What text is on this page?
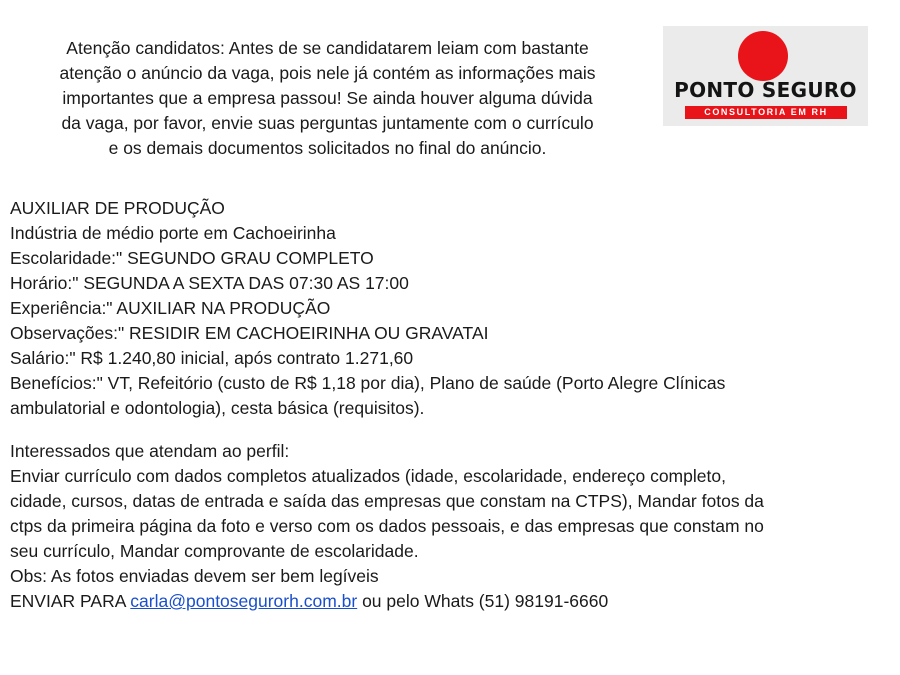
Atenção candidatos: Antes de se candidatarem leiam com bastante
atenção o anúncio da vaga, pois nele já contém as informações mais
importantes que a empresa passou! Se ainda houver alguma dúvida
da vaga, por favor, envie suas perguntas juntamente com o currículo
e os demais documentos solicitados no final do anúncio.
PONTO SEGURO
CONSULTORIA EM RH
AUXILIAR DE PRODUÇÃO
Indústria de médio porte em Cachoeirinha
Escolaridade:" SEGUNDO GRAU COMPLETO
Horário:" SEGUNDA A SEXTA DAS 07:30 AS 17:00
Experiência:" AUXILIAR NA PRODUÇÃO
Observações:" RESIDIR EM CACHOEIRINHA OU GRAVATAI
Salário:" R$ 1.240,80 inicial, após contrato 1.271,60
Benefícios:" VT, Refeitório (custo de R$ 1,18 por dia), Plano de saúde (Porto Alegre Clínicas
ambulatorial e odontologia), cesta básica (requisitos).
Interessados que atendam ao perfil:
Enviar currículo com dados completos atualizados (idade, escolaridade, endereço completo,
cidade, cursos, datas de entrada e saída das empresas que constam na CTPS), Mandar fotos da
ctps da primeira página da foto e verso com os dados pessoais, e das empresas que constam no
seu currículo, Mandar comprovante de escolaridade.
Obs: As fotos enviadas devem ser bem legíveis
ENVIAR PARA carla@pontosegurorh.com.br ou pelo Whats (51) 98191-6660
